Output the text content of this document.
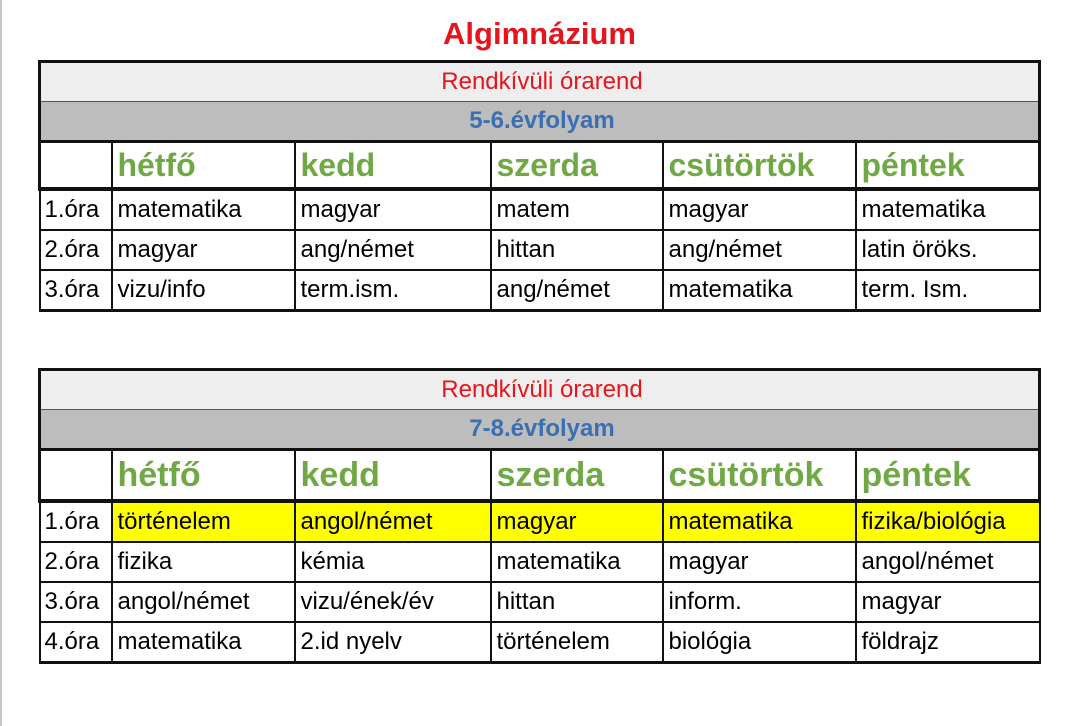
Algimnázium
Rendkívüli órarend					
5-6.évfolyam					
	hétfő	kedd	szerda	csütörtök	péntek
1.óra	matematika	magyar	matem	magyar	matematika
2.óra	magyar	ang/német	hittan	ang/német	latin öröks.
3.óra	vizu/info	term.ism.	ang/német	matematika	term. Ism.
Rendkívüli órarend					
7-8.évfolyam					
	hétfő	kedd	szerda	csütörtök	péntek
1.óra	történelem	angol/német	magyar	matematika	fizika/biológia
2.óra	fizika	kémia	matematika	magyar	angol/német
3.óra	angol/német	vizu/ének/év	hittan	inform.	magyar
4.óra	matematika	2.id nyelv	történelem	biológia	földrajz
